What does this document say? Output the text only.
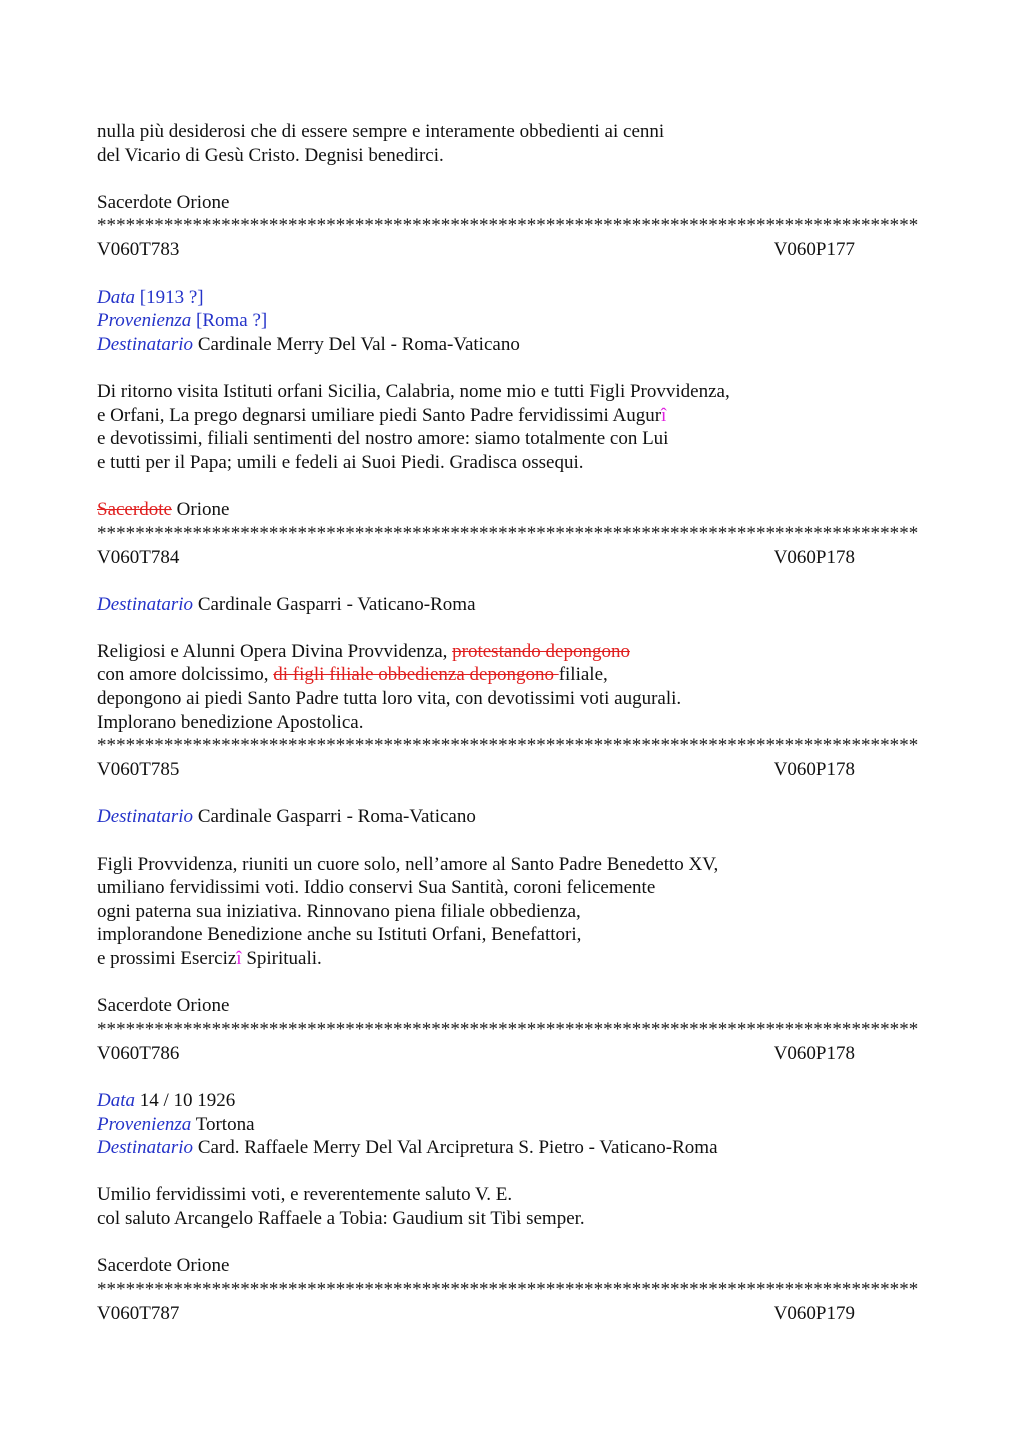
nulla più desiderosi che di essere sempre e interamente obbedienti ai cenni
del Vicario di Gesù Cristo. Degnisi benedirci.
Sacerdote Orione
**************************************************************************************
V060T783	V060P177
Data [1913 ?]
Provenienza [Roma ?]
Destinatario Cardinale Merry Del Val - Roma-Vaticano
Di ritorno visita Istituti orfani Sicilia, Calabria, nome mio e tutti Figli Provvidenza,
e Orfani, La prego degnarsi umiliare piedi Santo Padre fervidissimi Augurî
e devotissimi, filiali sentimenti del nostro amore: siamo totalmente con Lui
e tutti per il Papa; umili e fedeli ai Suoi Piedi. Gradisca ossequi.
Sacerdote Orione
**************************************************************************************
V060T784	V060P178
Destinatario Cardinale Gasparri - Vaticano-Roma
Religiosi e Alunni Opera Divina Provvidenza, protestando depongono
con amore dolcissimo, di figli filiale obbedienza depongono filiale,
depongono ai piedi Santo Padre tutta loro vita, con devotissimi voti augurali.
Implorano benedizione Apostolica.
**************************************************************************************
V060T785	V060P178
Destinatario Cardinale Gasparri - Roma-Vaticano
Figli Provvidenza, riuniti un cuore solo, nell’amore al Santo Padre Benedetto XV,
umiliano fervidissimi voti. Iddio conservi Sua Santità, coroni felicemente
ogni paterna sua iniziativa. Rinnovano piena filiale obbedienza,
implorandone Benedizione anche su Istituti Orfani, Benefattori,
e prossimi Esercizî Spirituali.
Sacerdote Orione
**************************************************************************************
V060T786	V060P178
Data 14 / 10 1926
Provenienza Tortona
Destinatario Card. Raffaele Merry Del Val Arcipretura S. Pietro - Vaticano-Roma
Umilio fervidissimi voti, e reverentemente saluto V. E.
col saluto Arcangelo Raffaele a Tobia: Gaudium sit Tibi semper.
Sacerdote Orione
**************************************************************************************
V060T787	V060P179
